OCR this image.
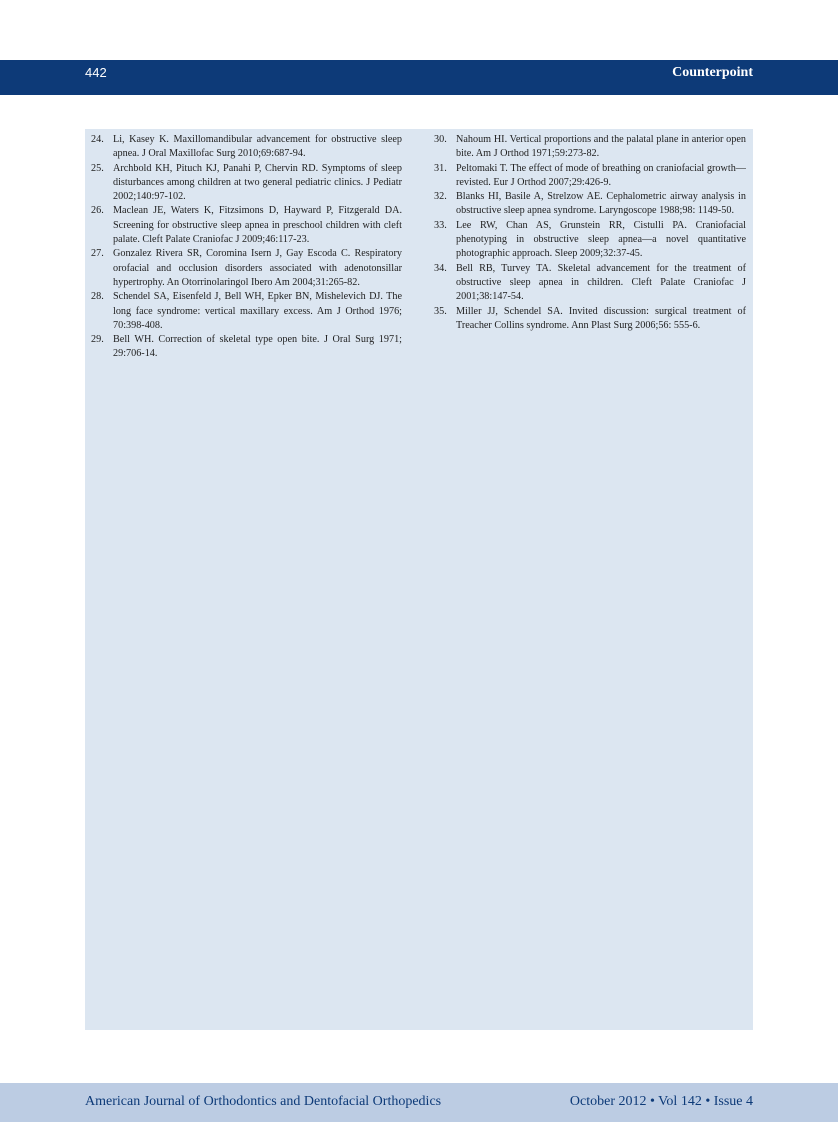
442	Counterpoint
24. Li, Kasey K. Maxillomandibular advancement for obstructive sleep apnea. J Oral Maxillofac Surg 2010;69:687-94.
25. Archbold KH, Pituch KJ, Panahi P, Chervin RD. Symptoms of sleep disturbances among children at two general pediatric clinics. J Pediatr 2002;140:97-102.
26. Maclean JE, Waters K, Fitzsimons D, Hayward P, Fitzgerald DA. Screening for obstructive sleep apnea in preschool children with cleft palate. Cleft Palate Craniofac J 2009;46:117-23.
27. Gonzalez Rivera SR, Coromina Isern J, Gay Escoda C. Respiratory orofacial and occlusion disorders associated with adenotonsillar hypertrophy. An Otorrinolaringol Ibero Am 2004;31:265-82.
28. Schendel SA, Eisenfeld J, Bell WH, Epker BN, Mishelevich DJ. The long face syndrome: vertical maxillary excess. Am J Orthod 1976; 70:398-408.
29. Bell WH. Correction of skeletal type open bite. J Oral Surg 1971; 29:706-14.
30. Nahoum HI. Vertical proportions and the palatal plane in anterior open bite. Am J Orthod 1971;59:273-82.
31. Peltomaki T. The effect of mode of breathing on craniofacial growth—revisted. Eur J Orthod 2007;29:426-9.
32. Blanks HI, Basile A, Strelzow AE. Cephalometric airway analysis in obstructive sleep apnea syndrome. Laryngoscope 1988;98: 1149-50.
33. Lee RW, Chan AS, Grunstein RR, Cistulli PA. Craniofacial phenotyping in obstructive sleep apnea—a novel quantitative photographic approach. Sleep 2009;32:37-45.
34. Bell RB, Turvey TA. Skeletal advancement for the treatment of obstructive sleep apnea in children. Cleft Palate Craniofac J 2001;38:147-54.
35. Miller JJ, Schendel SA. Invited discussion: surgical treatment of Treacher Collins syndrome. Ann Plast Surg 2006;56: 555-6.
American Journal of Orthodontics and Dentofacial Orthopedics	October 2012 • Vol 142 • Issue 4
